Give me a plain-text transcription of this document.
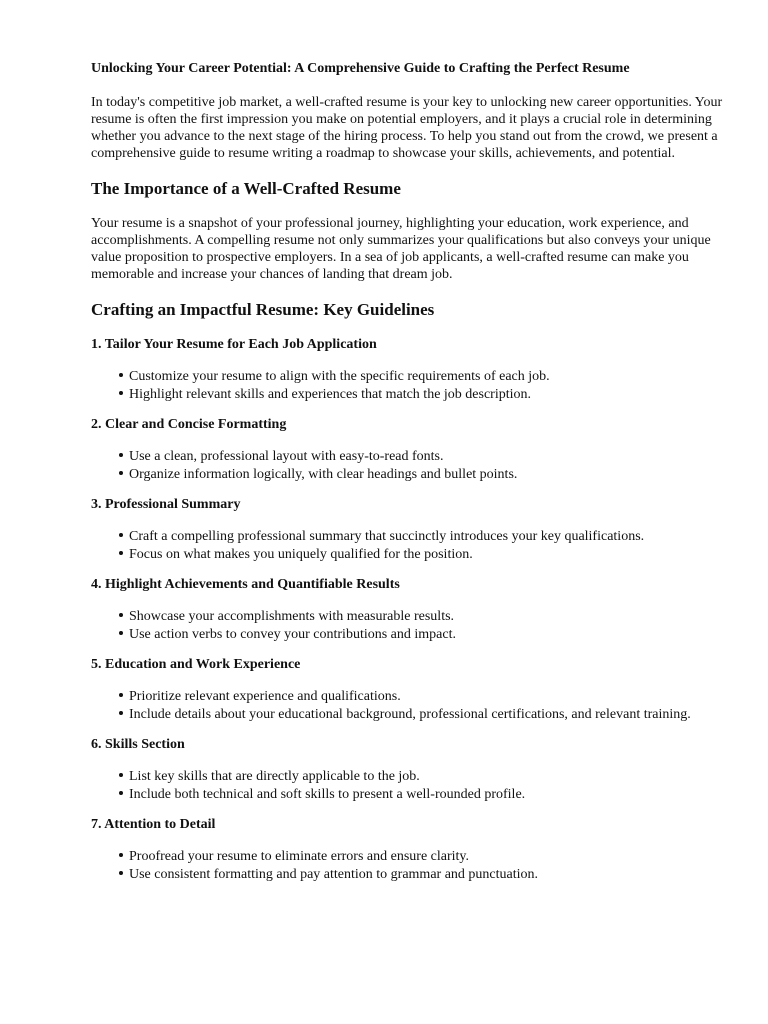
Unlocking Your Career Potential: A Comprehensive Guide to Crafting the Perfect Resume

In today's competitive job market, a well-crafted resume is your key to unlocking new career opportunities. Your resume is often the first impression you make on potential employers, and it plays a crucial role in determining whether you advance to the next stage of the hiring process. To help you stand out from the crowd, we present a comprehensive guide to resume writing a roadmap to showcase your skills, achievements, and potential.

The Importance of a Well-Crafted Resume

Your resume is a snapshot of your professional journey, highlighting your education, work experience, and accomplishments. A compelling resume not only summarizes your qualifications but also conveys your unique value proposition to prospective employers. In a sea of job applicants, a well-crafted resume can make you memorable and increase your chances of landing that dream job.

Crafting an Impactful Resume: Key Guidelines
1. Tailor Your Resume for Each Job Application
Customize your resume to align with the specific requirements of each job.
Highlight relevant skills and experiences that match the job description.
2. Clear and Concise Formatting
Use a clean, professional layout with easy-to-read fonts.
Organize information logically, with clear headings and bullet points.
3. Professional Summary
Craft a compelling professional summary that succinctly introduces your key qualifications.
Focus on what makes you uniquely qualified for the position.
4. Highlight Achievements and Quantifiable Results
Showcase your accomplishments with measurable results.
Use action verbs to convey your contributions and impact.
5. Education and Work Experience
Prioritize relevant experience and qualifications.
Include details about your educational background, professional certifications, and relevant training.
6. Skills Section
List key skills that are directly applicable to the job.
Include both technical and soft skills to present a well-rounded profile.
7. Attention to Detail
Proofread your resume to eliminate errors and ensure clarity.
Use consistent formatting and pay attention to grammar and punctuation.
